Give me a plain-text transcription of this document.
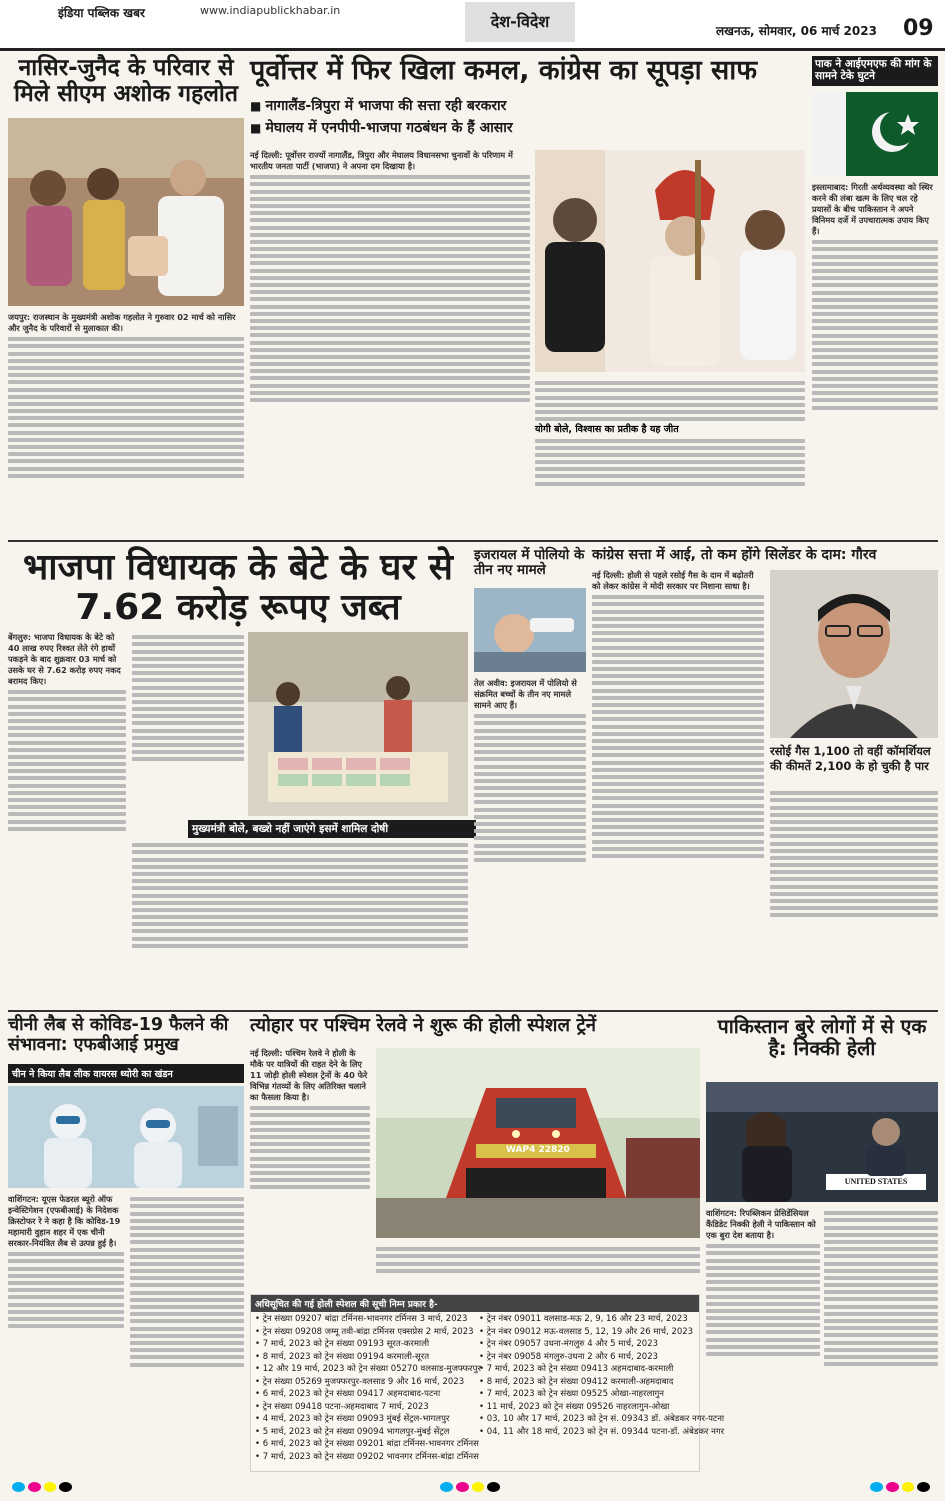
इंडिया पब्लिक खबर	www.indiapublickhabar.in
देश-विदेश	लखनऊ, सोमवार, 06 मार्च 2023 09
नासिर-जुनैद के परिवार से मिले सीएम अशोक गहलोत
जयपुर: राजस्थान के मुख्यमंत्री अशोक गहलोत ने गुरुवार 02 मार्च को नासिर और जुनैद के परिवारों से मुलाकात की।
पूर्वोत्तर में फिर खिला कमल, कांग्रेस का सूपड़ा साफ
■ नागालैंड-त्रिपुरा में भाजपा की सत्ता रही बरकरार
■ मेघालय में एनपीपी-भाजपा गठबंधन के हैं आसार
नई दिल्ली: पूर्वोत्तर राज्यों नागालैंड, त्रिपुरा और मेघालय विधानसभा चुनावों के परिणाम में भारतीय जनता पार्टी (भाजपा) ने अपना दम दिखाया है।
योगी बोले, विश्वास का प्रतीक है यह जीत
पाक ने आईएमएफ की मांग के सामने टेके घुटने
इस्लामाबाद: गिरती अर्थव्यवस्था को स्थिर करने की लंबा खत्म के लिए चल रहे प्रयासों के बीच पाकिस्तान ने अपने विनिमय दर्जे में उपचारात्मक उपाय किए हैं।
भाजपा विधायक के बेटे के घर से 7.62 करोड़ रूपए जब्त
बेंगलुरु: भाजपा विधायक के बेटे को 40 लाख रुपए रिश्वत लेते रंगे हाथों पकड़ने के बाद शुक्रवार 03 मार्च को उसके घर से 7.62 करोड़ रुपए नकद बरामद किए।
मुख्यमंत्री बोले, बख्शे नहीं जाएंगे इसमें शामिल दोषी
इजरायल में पोलियो के तीन नए मामले
तेल अवीव: इजरायल में पोलियो से संक्रमित बच्चों के तीन नए मामले सामने आए हैं।
कांग्रेस सत्ता में आई, तो कम होंगे सिलेंडर के दाम: गौरव
नई दिल्ली: होली से पहले रसोई गैस के दाम में बढ़ोतरी को लेकर कांग्रेस ने मोदी सरकार पर निशाना साधा है।
रसोई गैस 1,100 तो वहीं कॉमर्शियल की कीमतें 2,100 के हो चुकी है पार
चीनी लैब से कोविड-19 फैलने की संभावना: एफबीआई प्रमुख
चीन ने किया लैब लीक वायरस थ्योरी का खंडन
वाशिंगटन: यूएस फेडरल ब्यूरो ऑफ इन्वेस्टिगेशन (एफबीआई) के निदेशक क्रिस्टोफर रे ने कहा है कि कोविड-19 महामारी वुहान शहर में एक चीनी सरकार-नियंत्रित लैब से उत्पन्न हुई है।
त्योहार पर पश्चिम रेलवे ने शुरू की होली स्पेशल ट्रेनें
नई दिल्ली: पश्चिम रेलवे ने होली के मौके पर यात्रियों की राहत देने के लिए 11 जोड़ी होली स्पेशल ट्रेनों के 40 फेरे विभिन्न गंतव्यों के लिए अतिरिक्त चलाने का फैसला किया है।
WAP4 22820
अधिसूचित की गई होली स्पेशल की सूची निम्न प्रकार है-
• ट्रेन संख्या 09207 बांद्रा टर्मिनस-भावनगर टर्मिनस 3 मार्च, 2023
• ट्रेन संख्या 09208 जम्मू तवी-बांद्रा टर्मिनस एक्सप्रेस 2 मार्च, 2023
• 7 मार्च, 2023 को ट्रेन संख्या 09193 सूरत-करमाली
• 8 मार्च, 2023 को ट्रेन संख्या 09194 करमाली-सूरत
• 12 और 19 मार्च, 2023 को ट्रेन संख्या 05270 वलसाड-मुजफ्फरपुर
• ट्रेन संख्या 05269 मुजफ्फरपुर-वलसाड 9 और 16 मार्च, 2023
• 6 मार्च, 2023 को ट्रेन संख्या 09417 अहमदाबाद-पटना
• ट्रेन संख्या 09418 पटना-अहमदाबाद 7 मार्च, 2023
• 4 मार्च, 2023 को ट्रेन संख्या 09093 मुंबई सेंट्रल-भागलपुर
• 5 मार्च, 2023 को ट्रेन संख्या 09094 भागलपुर-मुंबई सेंट्रल
• 6 मार्च, 2023 को ट्रेन संख्या 09201 बांद्रा टर्मिनस-भावनगर टर्मिनस
• 7 मार्च, 2023 को ट्रेन संख्या 09202 भावनगर टर्मिनस-बांद्रा टर्मिनस
• ट्रेन नंबर 09011 वलसाड-मऊ 2, 9, 16 और 23 मार्च, 2023
• ट्रेन नंबर 09012 मऊ-वलसाड 5, 12, 19 और 26 मार्च, 2023
• ट्रेन नंबर 09057 उधना-मंगलुरु 4 और 5 मार्च, 2023
• ट्रेन नंबर 09058 मंगलुरु-उधना 2 और 6 मार्च, 2023
• 7 मार्च, 2023 को ट्रेन संख्या 09413 अहमदाबाद-करमाली
• 8 मार्च, 2023 को ट्रेन संख्या 09412 करमाली-अहमदाबाद
• 7 मार्च, 2023 को ट्रेन संख्या 09525 ओखा-नाहरलागुन
• 11 मार्च, 2023 को ट्रेन संख्या 09526 नाहरलागुन-ओखा
• 03, 10 और 17 मार्च, 2023 को ट्रेन सं. 09343 डॉ. अंबेडकर नगर-पटना
• 04, 11 और 18 मार्च, 2023 को ट्रेन सं. 09344 पटना-डॉ. अंबेडकर नगर
पाकिस्तान बुरे लोगों में से एक है: निक्की हेली
UNITED STATES
वाशिंगटन: रिपब्लिकन प्रेसिडेंसियल कैंडिडेट निक्की हेली ने पाकिस्तान को एक बुरा देश बताया है।
